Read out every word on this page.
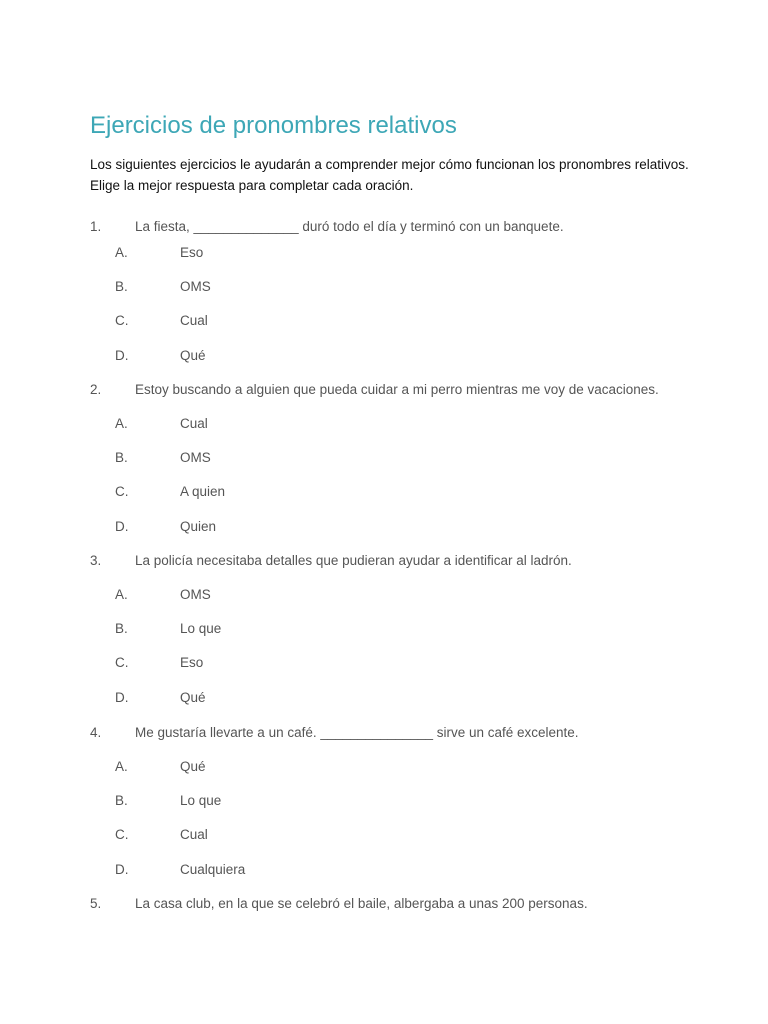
Ejercicios de pronombres relativos
Los siguientes ejercicios le ayudarán a comprender mejor cómo funcionan los pronombres relativos.
Elige la mejor respuesta para completar cada oración.
1. La fiesta, ______________ duró todo el día y terminó con un banquete.
A.	Eso
B.	OMS
C.	Cual
D.	Qué
2. Estoy buscando a alguien que pueda cuidar a mi perro mientras me voy de vacaciones.
A.	Cual
B.	OMS
C.	A quien
D.	Quien
3. La policía necesitaba detalles que pudieran ayudar a identificar al ladrón.
A.	OMS
B.	Lo que
C.	Eso
D.	Qué
4. Me gustaría llevarte a un café. _______________ sirve un café excelente.
A.	Qué
B.	Lo que
C.	Cual
D.	Cualquiera
5. La casa club, en la que se celebró el baile, albergaba a unas 200 personas.
